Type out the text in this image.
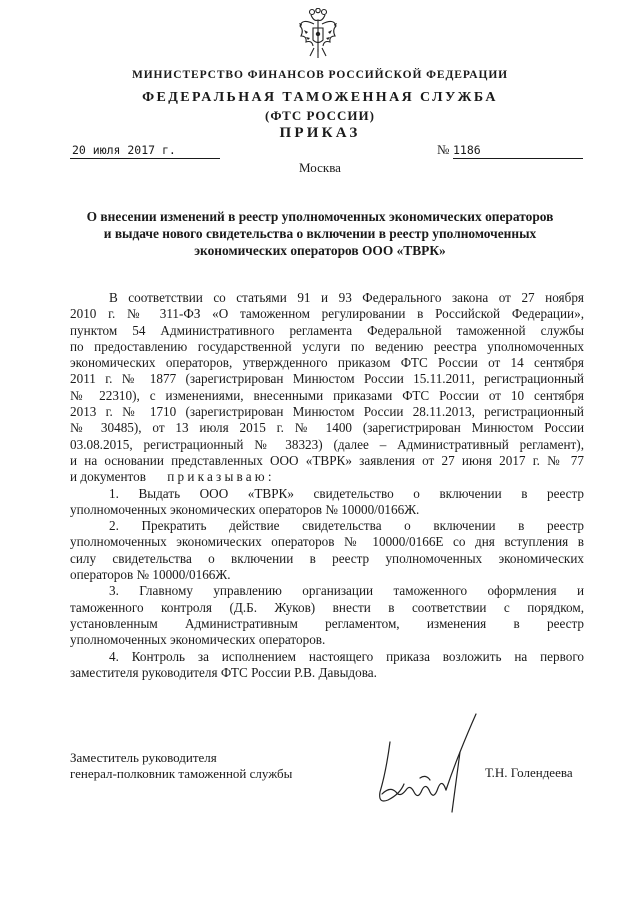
МИНИСТЕРСТВО ФИНАНСОВ РОССИЙСКОЙ ФЕДЕРАЦИИ
ФЕДЕРАЛЬНАЯ ТАМОЖЕННАЯ СЛУЖБА
(ФТС РОССИИ)
ПРИКАЗ
20 июля 2017 г.	№ 1186
Москва
О внесении изменений в реестр уполномоченных экономических операторов
и выдаче нового свидетельства о включении в реестр уполномоченных
экономических операторов ООО «ТВРК»

В соответствии со статьями 91 и 93 Федерального закона от 27 ноября

2010 г. № 311-ФЗ «О таможенном регулировании в Российской Федерации»,

пунктом 54 Административного регламента Федеральной таможенной службы

по предоставлению государственной услуги по ведению реестра уполномоченных

экономических операторов, утвержденного приказом ФТС России от 14 сентября

2011 г. № 1877 (зарегистрирован Минюстом России 15.11.2011, регистрационный

№ 22310), с изменениями, внесенными приказами ФТС России от 10 сентября

2013 г. № 1710 (зарегистрирован Минюстом России 28.11.2013, регистрационный

№ 30485), от 13 июля 2015 г. № 1400 (зарегистрирован Минюстом России

03.08.2015, регистрационный № 38323) (далее – Административный регламент),

и на основании представленных ООО «ТВРК» заявления от 27 июня 2017 г. № 77

и документов приказываю:

1. Выдать ООО «ТВРК» свидетельство о включении в реестр

уполномоченных экономических операторов № 10000/0166Ж.

2. Прекратить действие свидетельства о включении в реестр

уполномоченных экономических операторов № 10000/0166Е со дня вступления в

силу свидетельства о включении в реестр уполномоченных экономических

операторов № 10000/0166Ж.

3. Главному управлению организации таможенного оформления и

таможенного контроля (Д.Б. Жуков) внести в соответствии с порядком,

установленным Административным регламентом, изменения в реестр

уполномоченных экономических операторов.

4. Контроль за исполнением настоящего приказа возложить на первого

заместителя руководителя ФТС России Р.В. Давыдова.

Заместитель руководителя
генерал-полковник таможенной службы	Т.Н. Голендеева
